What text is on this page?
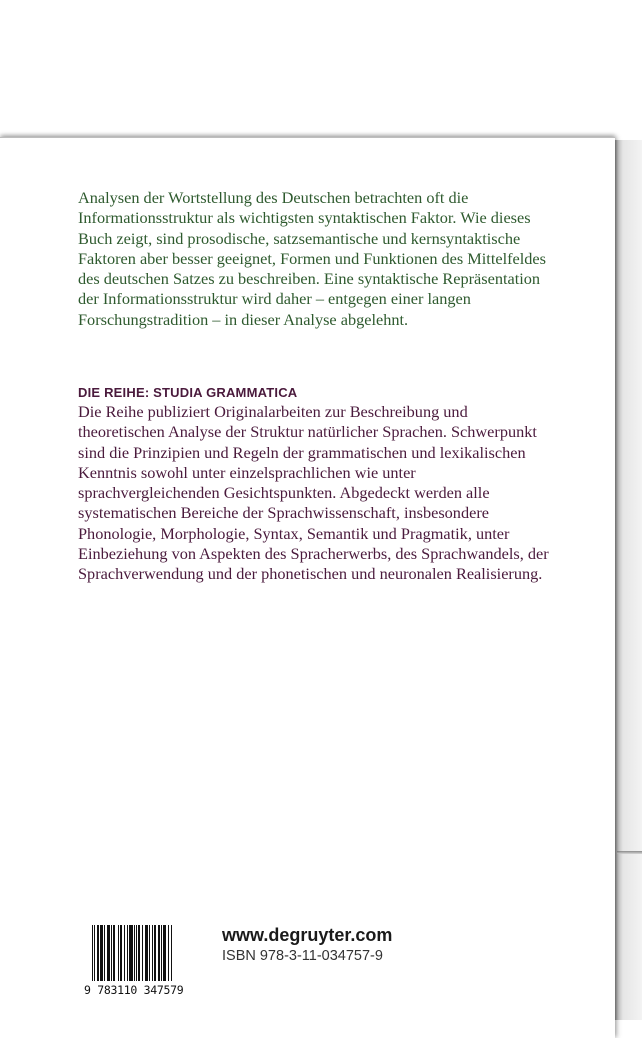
Analysen der Wortstellung des Deutschen betrachten oft die Informationsstruktur als wichtigsten syntaktischen Faktor. Wie dieses Buch zeigt, sind prosodische, satzsemantische und kernsyntaktische Faktoren aber besser geeignet, Formen und Funktionen des Mittelfeldes des deutschen Satzes zu beschreiben. Eine syntaktische Repräsentation der Informationsstruktur wird daher – entgegen einer langen Forschungstradition – in dieser Analyse abgelehnt.

DIE REIHE: STUDIA GRAMMATICA

Die Reihe publiziert Originalarbeiten zur Beschreibung und theoretischen Analyse der Struktur natürlicher Sprachen. Schwerpunkt sind die Prinzipien und Regeln der grammatischen und lexikalischen Kenntnis sowohl unter einzelsprachlichen wie unter sprachvergleichenden Gesichtspunkten. Abgedeckt werden alle systematischen Bereiche der Sprachwissenschaft, insbesondere Phonologie, Morphologie, Syntax, Semantik und Pragmatik, unter Einbeziehung von Aspekten des Spracherwerbs, des Sprachwandels, der Sprachverwendung und der phonetischen und neuronalen Realisierung.

9 783110 347579

www.degruyter.com

ISBN 978-3-11-034757-9
